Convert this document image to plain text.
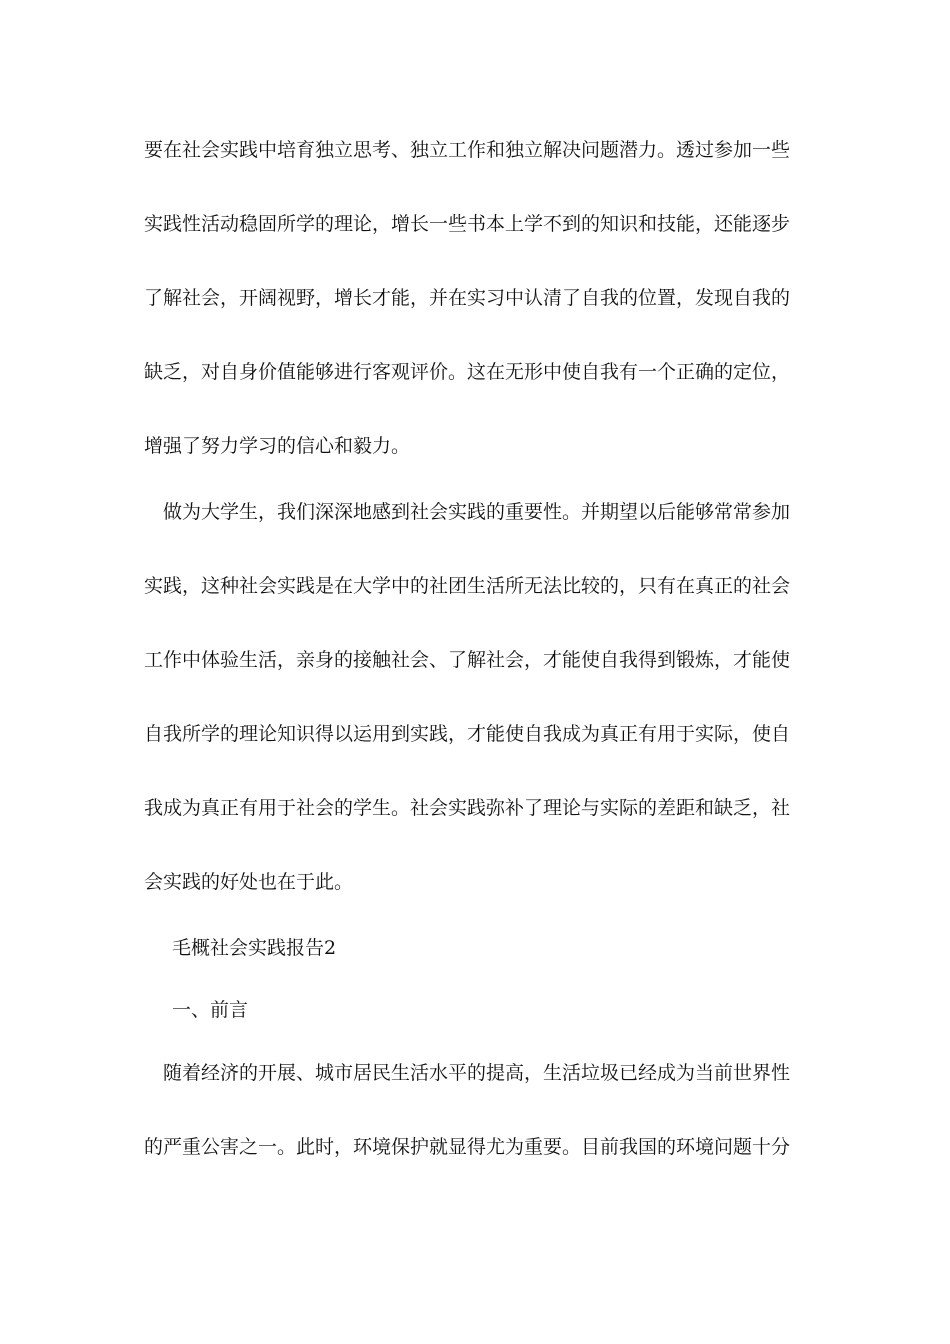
要在社会实践中培育独立思考、独立工作和独立解决问题潜力。透过参加一些

实践性活动稳固所学的理论，增长一些书本上学不到的知识和技能，还能逐步

了解社会，开阔视野，增长才能，并在实习中认清了自我的位置，发现自我的

缺乏，对自身价值能够进行客观评价。这在无形中使自我有一个正确的定位，

增强了努力学习的信心和毅力。

　做为大学生，我们深深地感到社会实践的重要性。并期望以后能够常常参加

实践，这种社会实践是在大学中的社团生活所无法比较的，只有在真正的社会

工作中体验生活，亲身的接触社会、了解社会，才能使自我得到锻炼，才能使

自我所学的理论知识得以运用到实践，才能使自我成为真正有用于实际，使自

我成为真正有用于社会的学生。社会实践弥补了理论与实际的差距和缺乏，社

会实践的好处也在于此。

毛概社会实践报告2

一、前言

　随着经济的开展、城市居民生活水平的提高，生活垃圾已经成为当前世界性

的严重公害之一。此时，环境保护就显得尤为重要。目前我国的环境问题十分
